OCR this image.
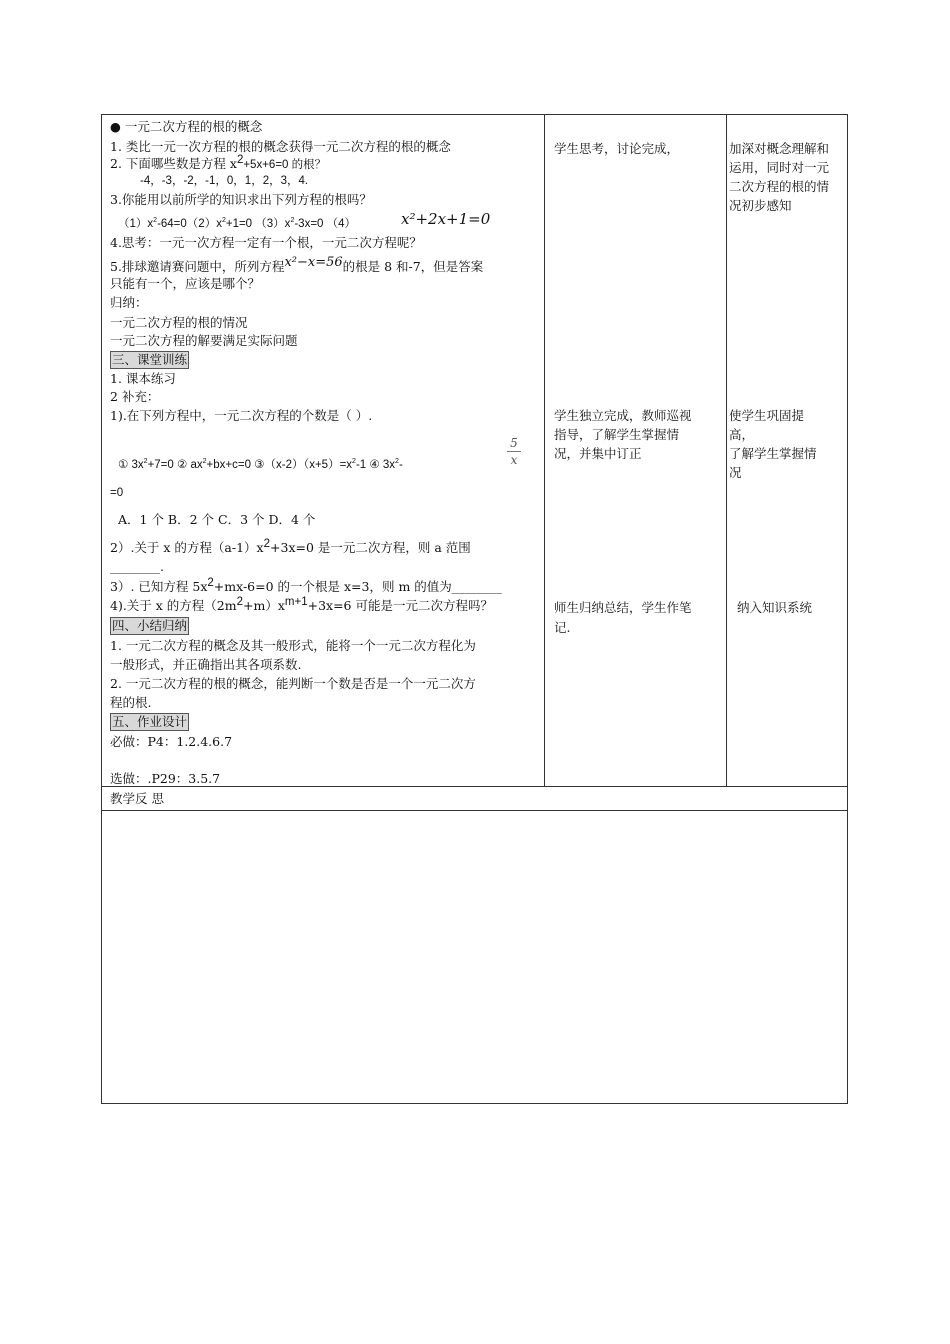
● 一元二次方程的根的概念
1. 类比一元一次方程的根的概念获得一元二次方程的根的概念
2. 下面哪些数是方程 $x^2+5x+6=0$ 的根？
-4，-3，-2，-1，0，1，2，3，4.
3.你能用以前所学的知识求出下列方程的根吗？
$(1)x^2-64=0(2)x^2+1=0$ $(3)x^2-3x=0$ （4）	x²+2x+1=0
4.思考：一元一次方程一定有一个根，一元二次方程呢？
5.排球邀请赛问题中，所列方程x²−x=56的根是 8 和-7，但是答案
只能有一个，应该是哪个？
归纳：
一元二次方程的根的情况
一元二次方程的解要满足实际问题
三、课堂训练
1. 课本练习
2 补充：
1).在下列方程中，一元二次方程的个数是（ ）.
5
x
① $3x^2+7=0$ ② $ax^2+bx+c=0$ $③(x-2)(x+5)=x^2-1$ ④ $3x^2-$
=0
A．1 个 B．2 个 C．3 个 D．4 个
2）.关于 x 的方程$(a-1)x^2+3x=0$ 是一元二次方程，则 a 范围
________.
3）. 已知方程 $5x^2+mx-6=0$ 的一个根是 x=3，则 m 的值为________
4).关于 x 的方程$(2m^2+m)x^{m+1}+3x=6$ 可能是一元二次方程吗？
四、小结归纳
1. 一元二次方程的概念及其一般形式，能将一个一元二次方程化为
一般形式，并正确指出其各项系数.
2. 一元二次方程的根的概念，能判断一个数是否是一个一元二次方
程的根.
五、作业设计
必做：P4：1.2.4.6.7
选做：.P29：3.5.7
学生思考，讨论完成，
学生独立完成，教师巡视
指导，了解学生掌握情
况，并集中订正
师生归纳总结，学生作笔
记.
加深对概念理解和
运用，同时对一元
二次方程的根的情
况初步感知
使学生巩固提
高，
了解学生掌握情
况
纳入知识系统
教学反 思
